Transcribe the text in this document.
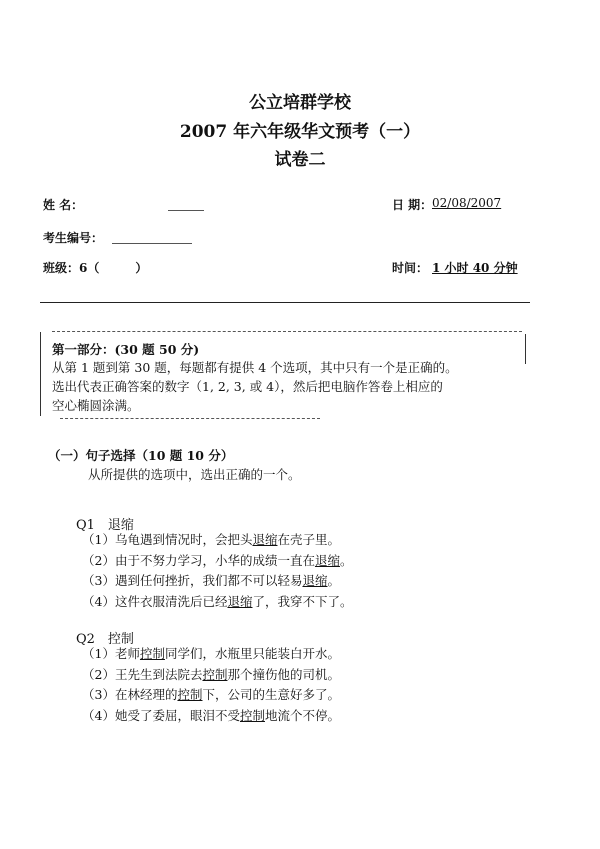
公立培群学校
2007 年六年级华文预考（一）
试卷二
姓 名：	日 期： 02/08/2007
考生编号：
班级：6（	）	时间： 1 小时 40 分钟
第一部分：(30 题 50 分)
从第 1 题到第 30 题，每题都有提供 4 个选项，其中只有一个是正确的。
选出代表正确答案的数字（1, 2, 3, 或 4），然后把电脑作答卷上相应的
空心椭圆涂满。
（一）句子选择（10 题 10 分）
从所提供的选项中，选出正确的一个。
Q1　退缩
（1）乌龟遇到情况时，会把头退缩在壳子里。
（2）由于不努力学习，小华的成绩一直在退缩。
（3）遇到任何挫折，我们都不可以轻易退缩。
（4）这件衣服清洗后已经退缩了，我穿不下了。
Q2　控制
（1）老师控制同学们，水瓶里只能装白开水。
（2）王先生到法院去控制那个撞伤他的司机。
（3）在林经理的控制下，公司的生意好多了。
（4）她受了委屈，眼泪不受控制地流个不停。
